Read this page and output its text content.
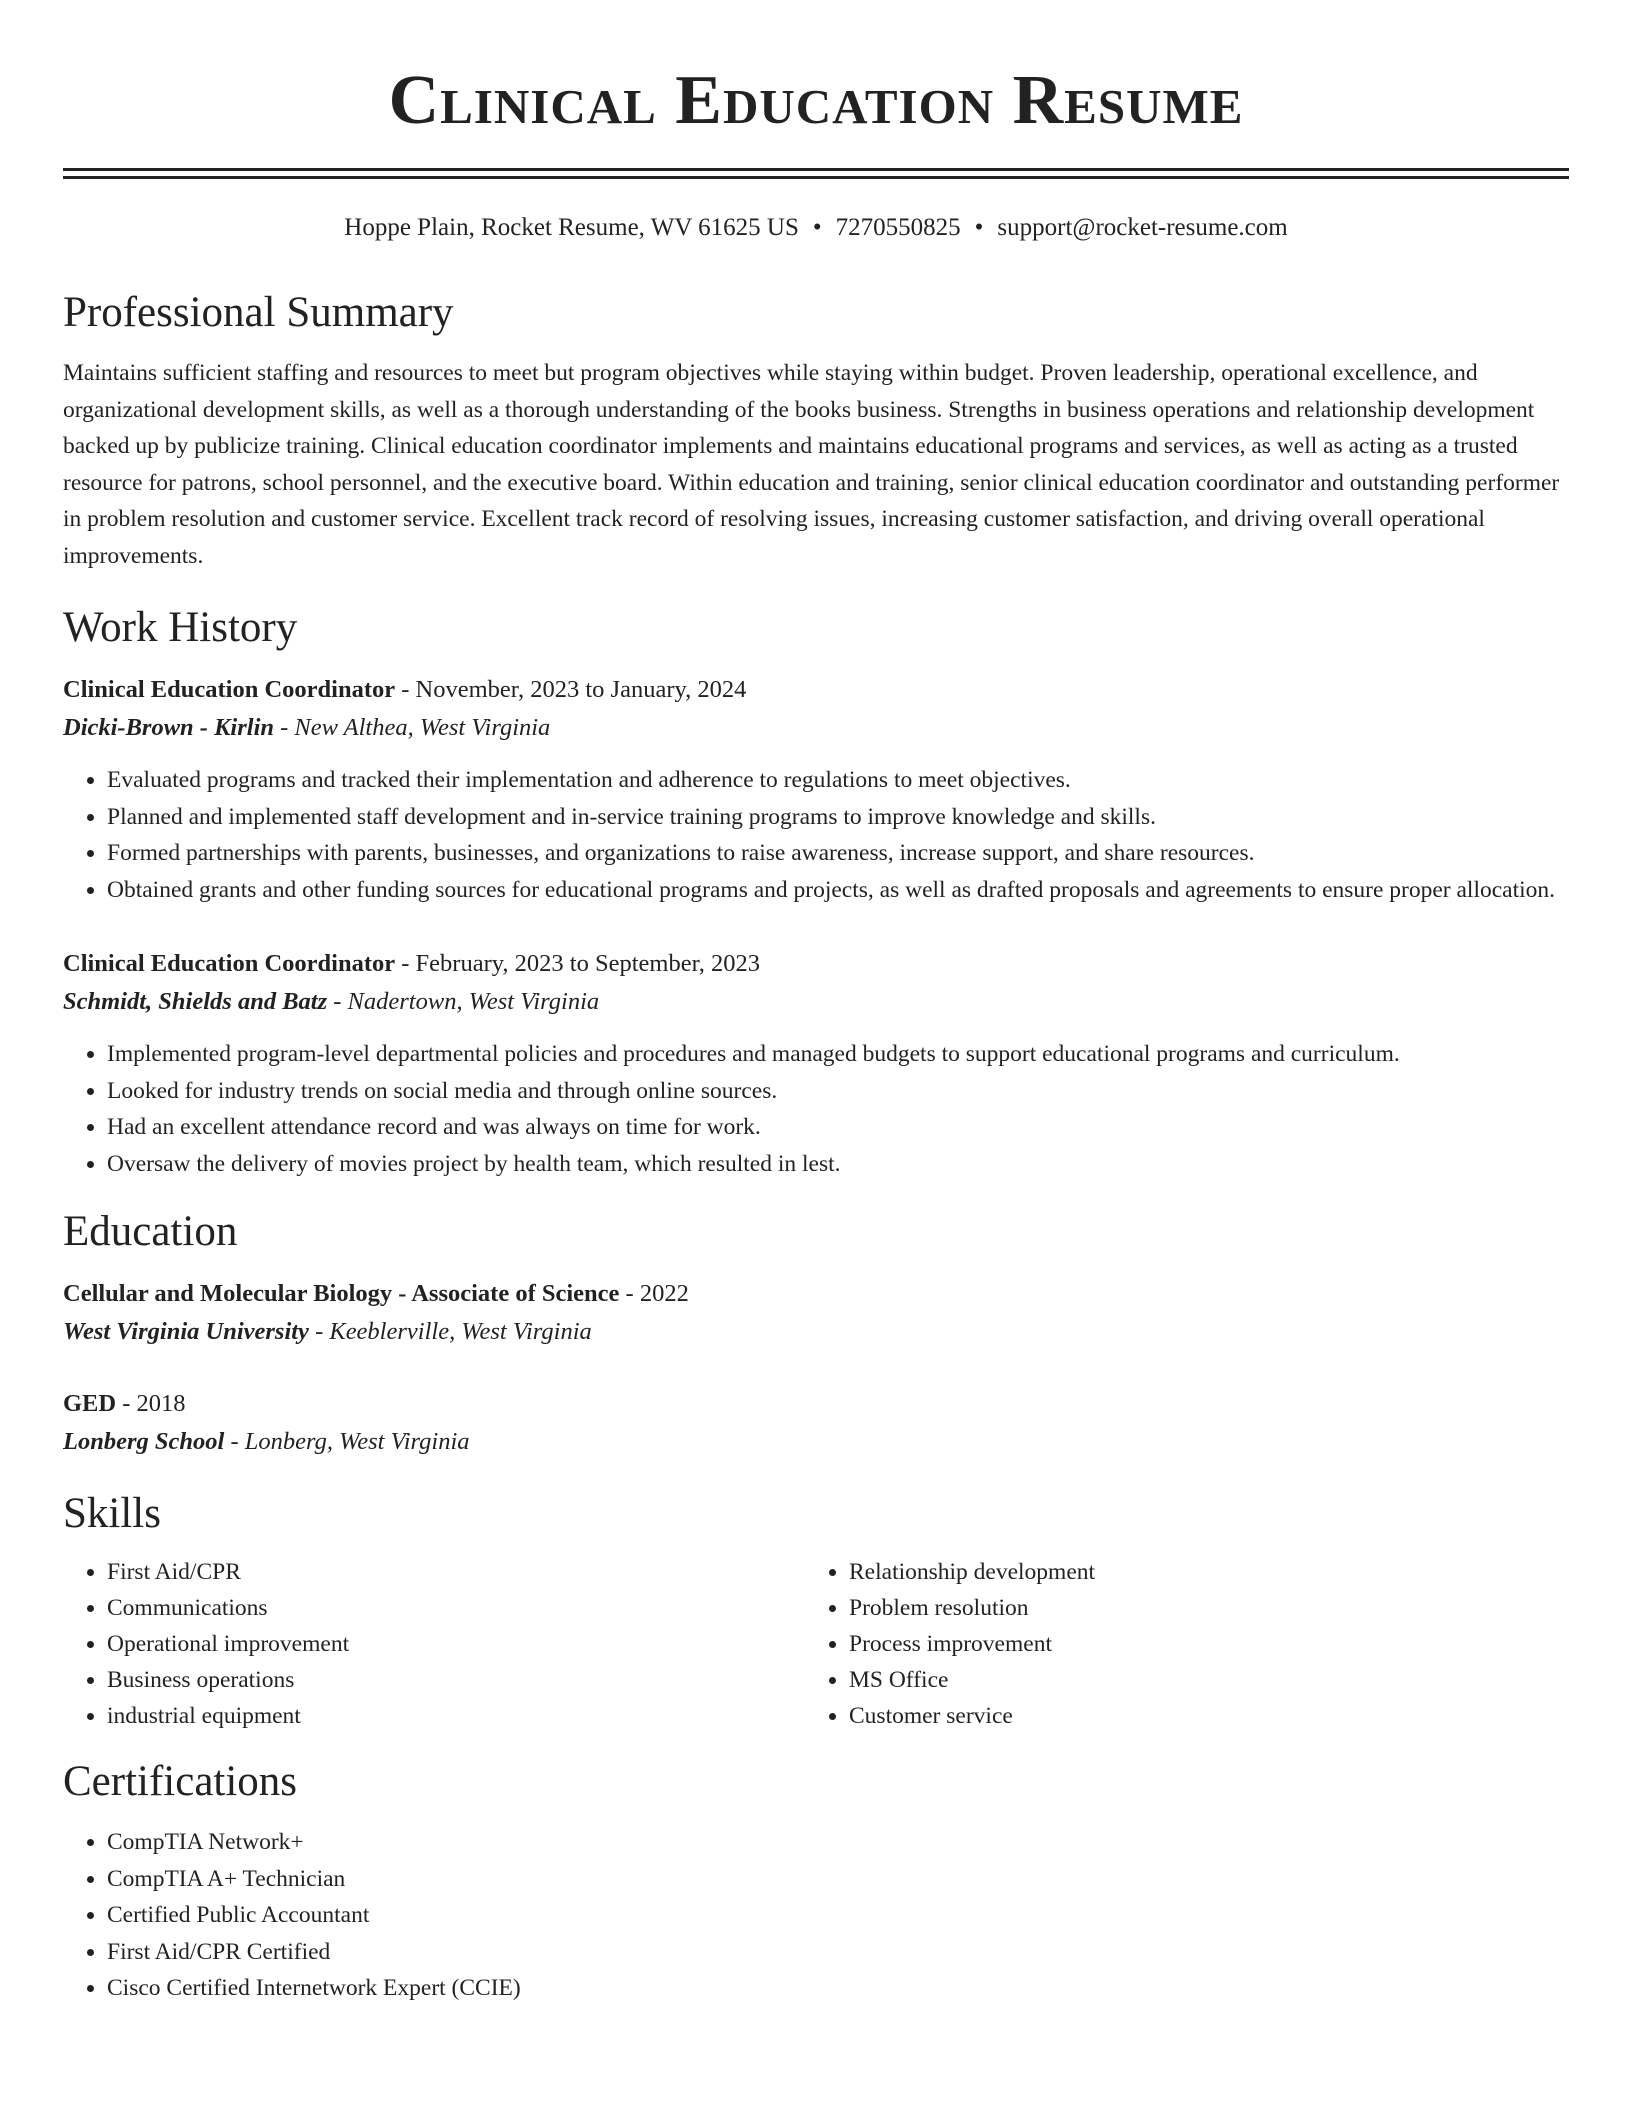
Clinical Education Resume
Hoppe Plain, Rocket Resume, WV 61625 US • 7270550825 • support@rocket-resume.com
Professional Summary
Maintains sufficient staffing and resources to meet but program objectives while staying within budget. Proven leadership, operational excellence, and organizational development skills, as well as a thorough understanding of the books business. Strengths in business operations and relationship development backed up by publicize training. Clinical education coordinator implements and maintains educational programs and services, as well as acting as a trusted resource for patrons, school personnel, and the executive board. Within education and training, senior clinical education coordinator and outstanding performer in problem resolution and customer service. Excellent track record of resolving issues, increasing customer satisfaction, and driving overall operational improvements.
Work History
Clinical Education Coordinator - November, 2023 to January, 2024
Dicki-Brown - Kirlin - New Althea, West Virginia
• Evaluated programs and tracked their implementation and adherence to regulations to meet objectives.
• Planned and implemented staff development and in-service training programs to improve knowledge and skills.
• Formed partnerships with parents, businesses, and organizations to raise awareness, increase support, and share resources.
• Obtained grants and other funding sources for educational programs and projects, as well as drafted proposals and agreements to ensure proper allocation.
Clinical Education Coordinator - February, 2023 to September, 2023
Schmidt, Shields and Batz - Nadertown, West Virginia
• Implemented program-level departmental policies and procedures and managed budgets to support educational programs and curriculum.
• Looked for industry trends on social media and through online sources.
• Had an excellent attendance record and was always on time for work.
• Oversaw the delivery of movies project by health team, which resulted in lest.
Education
Cellular and Molecular Biology - Associate of Science - 2022
West Virginia University - Keeblerville, West Virginia
GED - 2018
Lonberg School - Lonberg, West Virginia
Skills
• First Aid/CPR
• Communications
• Operational improvement
• Business operations
• industrial equipment
• Relationship development
• Problem resolution
• Process improvement
• MS Office
• Customer service
Certifications
• CompTIA Network+
• CompTIA A+ Technician
• Certified Public Accountant
• First Aid/CPR Certified
• Cisco Certified Internetwork Expert (CCIE)
